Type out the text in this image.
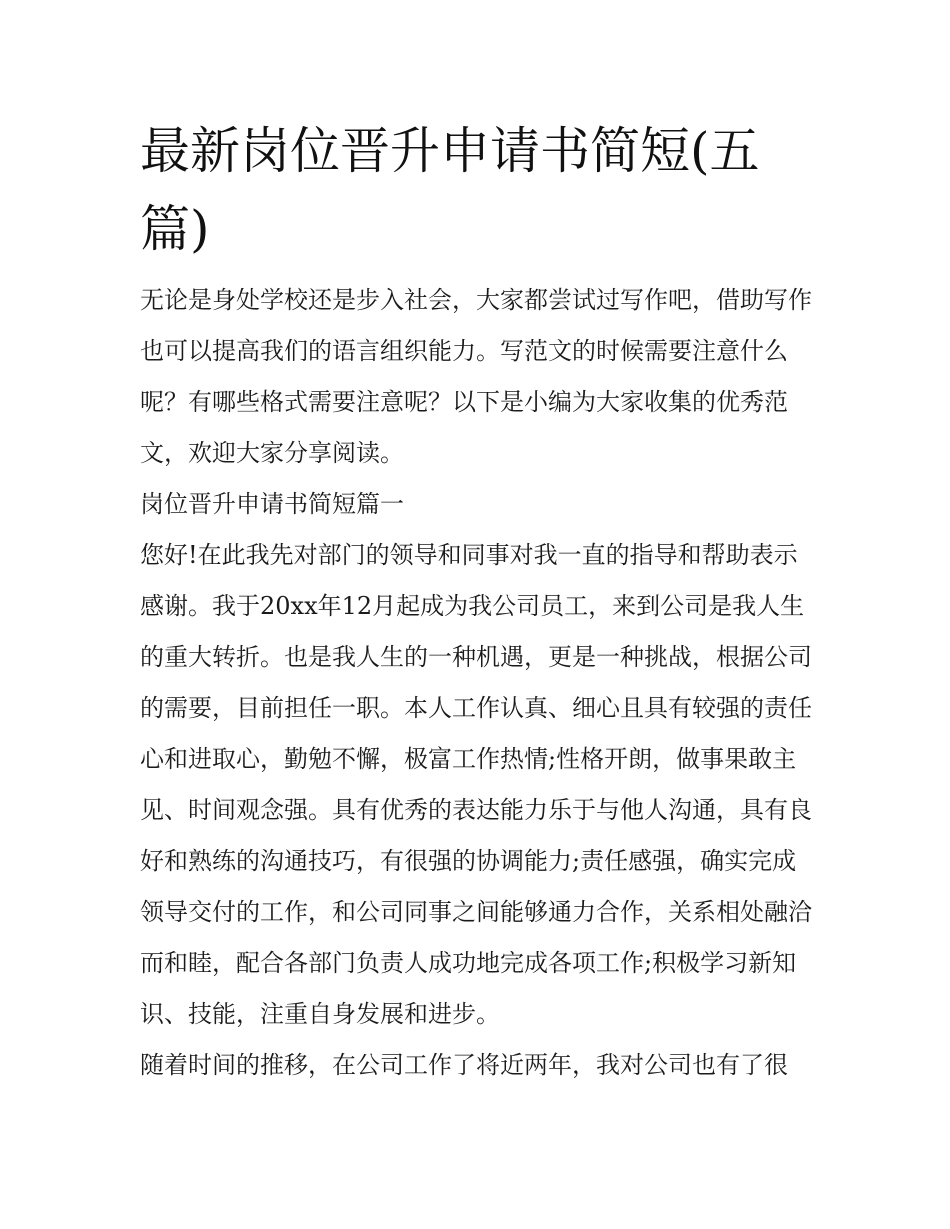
最新岗位晋升申请书简短(五篇)

无论是身处学校还是步入社会，大家都尝试过写作吧，借助写作也可以提高我们的语言组织能力。写范文的时候需要注意什么呢？有哪些格式需要注意呢？以下是小编为大家收集的优秀范文，欢迎大家分享阅读。

岗位晋升申请书简短篇一

您好!在此我先对部门的领导和同事对我一直的指导和帮助表示感谢。我于20xx年12月起成为我公司员工，来到公司是我人生的重大转折。也是我人生的一种机遇，更是一种挑战，根据公司的需要，目前担任一职。本人工作认真、细心且具有较强的责任心和进取心，勤勉不懈，极富工作热情;性格开朗，做事果敢主见、时间观念强。具有优秀的表达能力乐于与他人沟通，具有良好和熟练的沟通技巧，有很强的协调能力;责任感强，确实完成领导交付的工作，和公司同事之间能够通力合作，关系相处融洽而和睦，配合各部门负责人成功地完成各项工作;积极学习新知识、技能，注重自身发展和进步。

随着时间的推移，在公司工作了将近两年，我对公司也有了很
